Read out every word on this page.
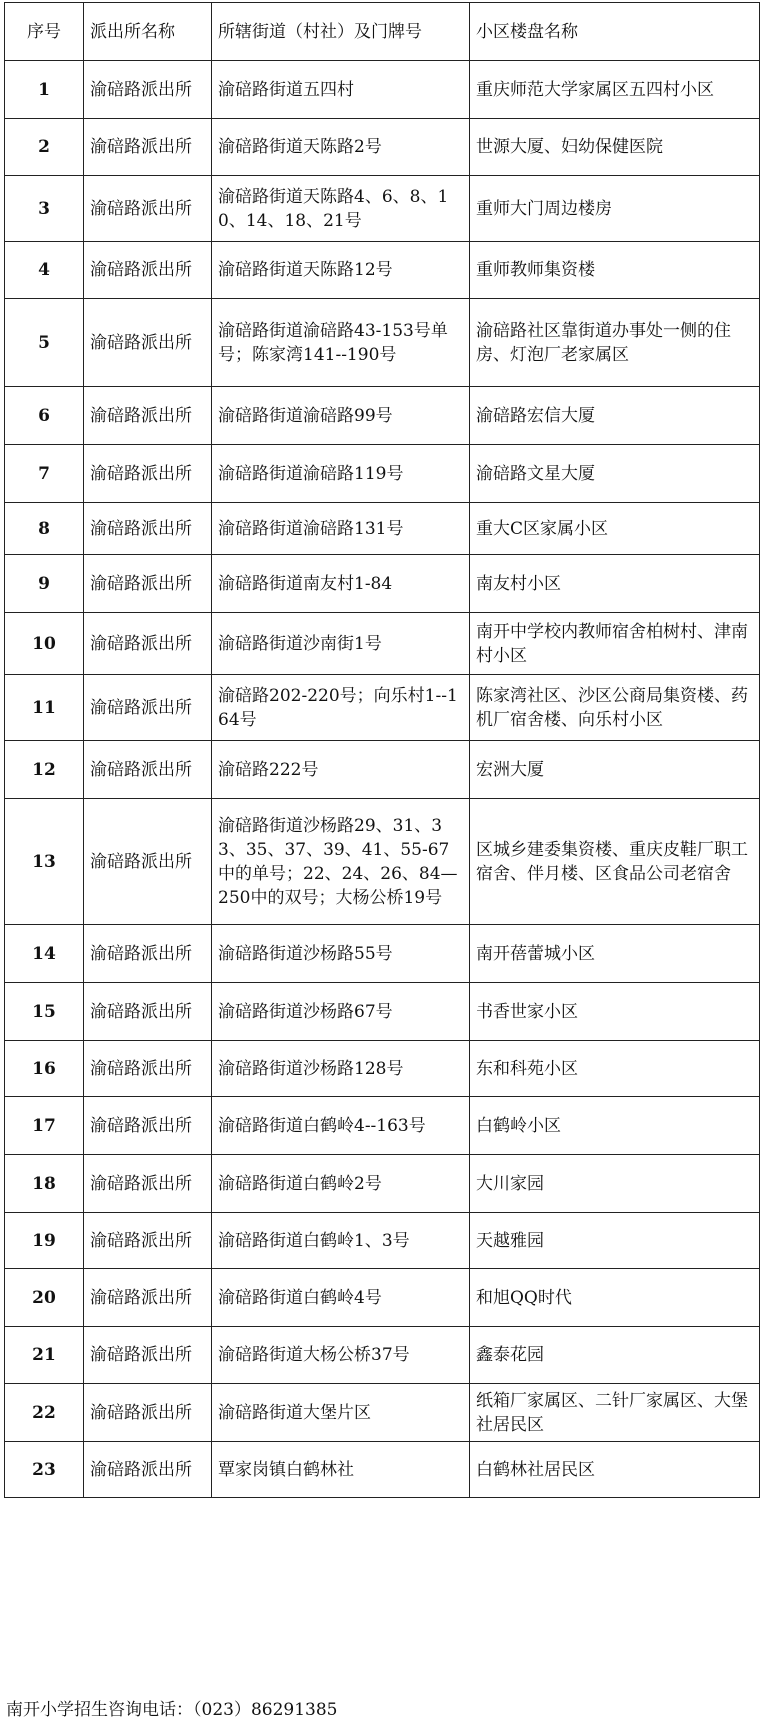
序号	派出所名称	所辖街道（村社）及门牌号	小区楼盘名称
1	渝碚路派出所	渝碚路街道五四村	重庆师范大学家属区五四村小区
2	渝碚路派出所	渝碚路街道天陈路2号	世源大厦、妇幼保健医院
3	渝碚路派出所	渝碚路街道天陈路4、6、8、10、14、18、21号	重师大门周边楼房
4	渝碚路派出所	渝碚路街道天陈路12号	重师教师集资楼
5	渝碚路派出所	渝碚路街道渝碚路43-153号单号；陈家湾141--190号	渝碚路社区靠街道办事处一侧的住房、灯泡厂老家属区
6	渝碚路派出所	渝碚路街道渝碚路99号	渝碚路宏信大厦
7	渝碚路派出所	渝碚路街道渝碚路119号	渝碚路文星大厦
8	渝碚路派出所	渝碚路街道渝碚路131号	重大C区家属小区
9	渝碚路派出所	渝碚路街道南友村1-84	南友村小区
10	渝碚路派出所	渝碚路街道沙南街1号	南开中学校内教师宿舍柏树村、津南村小区
11	渝碚路派出所	渝碚路202-220号；向乐村1--164号	陈家湾社区、沙区公商局集资楼、药机厂宿舍楼、向乐村小区
12	渝碚路派出所	渝碚路222号	宏洲大厦
13	渝碚路派出所	渝碚路街道沙杨路29、31、33、35、37、39、41、55-67中的单号；22、24、26、84—250中的双号；大杨公桥19号	区城乡建委集资楼、重庆皮鞋厂职工宿舍、伴月楼、区食品公司老宿舍
14	渝碚路派出所	渝碚路街道沙杨路55号	南开蓓蕾城小区
15	渝碚路派出所	渝碚路街道沙杨路67号	书香世家小区
16	渝碚路派出所	渝碚路街道沙杨路128号	东和科苑小区
17	渝碚路派出所	渝碚路街道白鹤岭4--163号	白鹤岭小区
18	渝碚路派出所	渝碚路街道白鹤岭2号	大川家园
19	渝碚路派出所	渝碚路街道白鹤岭1、3号	天越雅园
20	渝碚路派出所	渝碚路街道白鹤岭4号	和旭QQ时代
21	渝碚路派出所	渝碚路街道大杨公桥37号	鑫泰花园
22	渝碚路派出所	渝碚路街道大堡片区	纸箱厂家属区、二针厂家属区、大堡社居民区
23	渝碚路派出所	覃家岗镇白鹤林社	白鹤林社居民区
南开小学招生咨询电话：（023）86291385
